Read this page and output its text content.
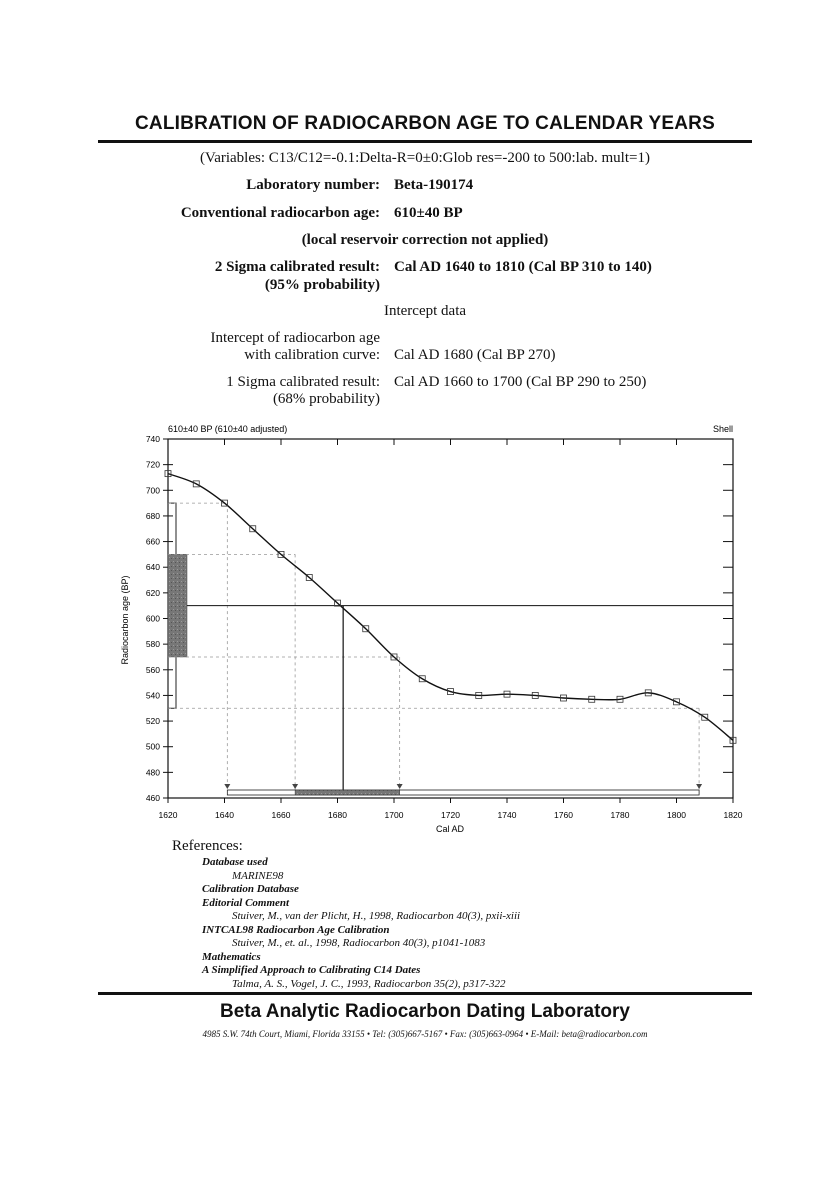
CALIBRATION OF RADIOCARBON AGE TO CALENDAR YEARS
(Variables: C13/C12=-0.1:Delta-R=0±0:Glob res=-200 to 500:lab. mult=1)
Laboratory number: Beta-190174
Conventional radiocarbon age: 610±40 BP
(local reservoir correction not applied)
2 Sigma calibrated result: Cal AD 1640 to 1810 (Cal BP 310 to 140)
(95% probability)
Intercept data
Intercept of radiocarbon age
with calibration curve: Cal AD 1680 (Cal BP 270)
1 Sigma calibrated result: Cal AD 1660 to 1700 (Cal BP 290 to 250)
(68% probability)
610±40 BP (610±40 adjusted)	Shell
Cal AD
Radiocarbon age (BP)
460
480
500
520
540
560
580
600
620
640
660
680
700
720
740
1620	1640	1660	1680	1700	1720	1740	1760	1780	1800	1820
References:
Database used
MARINE98
Calibration Database
Editorial Comment
Stuiver, M., van der Plicht, H., 1998, Radiocarbon 40(3), pxii-xiii
INTCAL98 Radiocarbon Age Calibration
Stuiver, M., et. al., 1998, Radiocarbon 40(3), p1041-1083
Mathematics
A Simplified Approach to Calibrating C14 Dates
Talma, A. S., Vogel, J. C., 1993, Radiocarbon 35(2), p317-322
Beta Analytic Radiocarbon Dating Laboratory
4985 S.W. 74th Court, Miami, Florida 33155 • Tel: (305)667-5167 • Fax: (305)663-0964 • E-Mail: beta@radiocarbon.com
